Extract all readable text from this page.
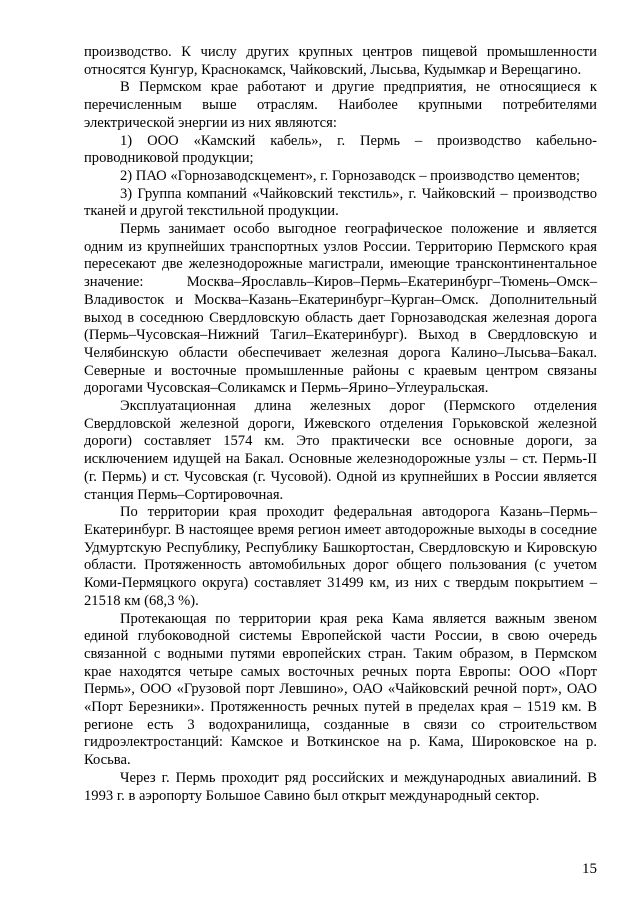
производство. К числу других крупных центров пищевой промышленности относятся Кунгур, Краснокамск, Чайковский, Лысьва, Кудымкар и Верещагино.

В Пермском крае работают и другие предприятия, не относящиеся к перечисленным выше отраслям. Наиболее крупными потребителями электрической энергии из них являются:

1) ООО «Камский кабель», г. Пермь – производство кабельно-проводниковой продукции;

2) ПАО «Горнозаводскцемент», г. Горнозаводск – производство цементов;

3) Группа компаний «Чайковский текстиль», г. Чайковский – производство тканей и другой текстильной продукции.

Пермь занимает особо выгодное географическое положение и является одним из крупнейших транспортных узлов России. Территорию Пермского края пересекают две железнодорожные магистрали, имеющие трансконтинентальное значение: Москва–Ярославль–Киров–Пермь–Екатеринбург–Тюмень–Омск–Владивосток и Москва–Казань–Екатеринбург–Курган–Омск. Дополнительный выход в соседнюю Свердловскую область дает Горнозаводская железная дорога (Пермь–Чусовская–Нижний Тагил–Екатеринбург). Выход в Свердловскую и Челябинскую области обеспечивает железная дорога Калино–Лысьва–Бакал. Северные и восточные промышленные районы с краевым центром связаны дорогами Чусовская–Соликамск и Пермь–Ярино–Углеуральская.

Эксплуатационная длина железных дорог (Пермского отделения Свердловской железной дороги, Ижевского отделения Горьковской железной дороги) составляет 1574 км. Это практически все основные дороги, за исключением идущей на Бакал. Основные железнодорожные узлы – ст. Пермь-II (г. Пермь) и ст. Чусовская (г. Чусовой). Одной из крупнейших в России является станция Пермь–Сортировочная.

По территории края проходит федеральная автодорога Казань–Пермь–Екатеринбург. В настоящее время регион имеет автодорожные выходы в соседние Удмуртскую Республику, Республику Башкортостан, Свердловскую и Кировскую области. Протяженность автомобильных дорог общего пользования (с учетом Коми-Пермяцкого округа) составляет 31499 км, из них с твердым покрытием – 21518 км (68,3 %).

Протекающая по территории края река Кама является важным звеном единой глубоководной системы Европейской части России, в свою очередь связанной с водными путями европейских стран. Таким образом, в Пермском крае находятся четыре самых восточных речных порта Европы: ООО «Порт Пермь», ООО «Грузовой порт Левшино», ОАО «Чайковский речной порт», ОАО «Порт Березники». Протяженность речных путей в пределах края – 1519 км. В регионе есть 3 водохранилища, созданные в связи со строительством гидроэлектростанций: Камское и Воткинское на р. Кама, Широковское на р. Косьва.

Через г. Пермь проходит ряд российских и международных авиалиний. В 1993 г. в аэропорту Большое Савино был открыт международный сектор.

15
